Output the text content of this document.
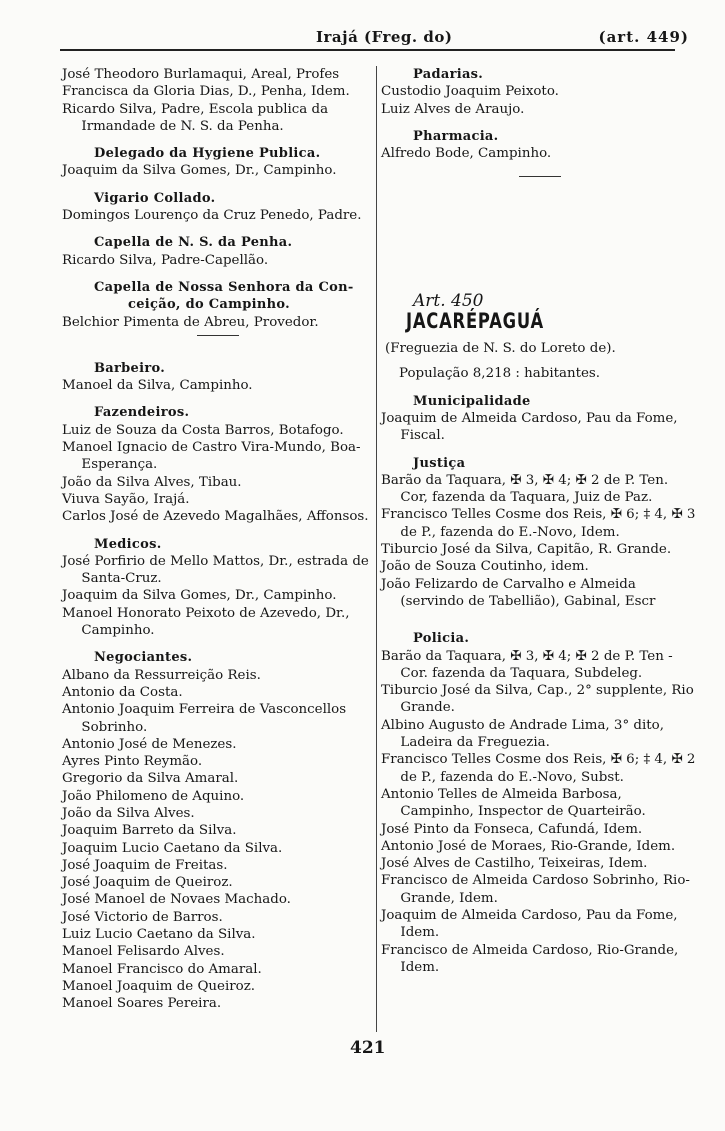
Irajá (Freg. do)	(art. 449)

José Theodoro Burlamaqui, Areal, Profes

Francisca da Gloria Dias, D., Penha, Idem.

Ricardo Silva, Padre, Escola publica da Irmandade de N. S. da Penha.

Delegado da Hygiene Publica.

Joaquim da Silva Gomes, Dr., Campinho.

Vigario Collado.

Domingos Lourenço da Cruz Penedo, Padre.

Capella de N. S. da Penha.

Ricardo Silva, Padre-Capellão.

Capella de Nossa Senhora da Con-
ceição, do Campinho.

Belchior Pimenta de Abreu, Provedor.

Barbeiro.

Manoel da Silva, Campinho.

Fazendeiros.

Luiz de Souza da Costa Barros, Botafogo.

Manoel Ignacio de Castro Vira-Mundo, Boa-Esperança.

João da Silva Alves, Tibau.

Viuva Sayão, Irajá.

Carlos José de Azevedo Magalhães, Affonsos.

Medicos.

José Porfirio de Mello Mattos, Dr., estrada de Santa-Cruz.

Joaquim da Silva Gomes, Dr., Campinho.

Manoel Honorato Peixoto de Azevedo, Dr., Campinho.

Negociantes.

Albano da Ressurreição Reis.

Antonio da Costa.

Antonio Joaquim Ferreira de Vasconcellos Sobrinho.

Antonio José de Menezes.

Ayres Pinto Reymão.

Gregorio da Silva Amaral.

João Philomeno de Aquino.

João da Silva Alves.

Joaquim Barreto da Silva.

Joaquim Lucio Caetano da Silva.

José Joaquim de Freitas.

José Joaquim de Queiroz.

José Manoel de Novaes Machado.

José Victorio de Barros.

Luiz Lucio Caetano da Silva.

Manoel Felisardo Alves.

Manoel Francisco do Amaral.

Manoel Joaquim de Queiroz.

Manoel Soares Pereira.

Padarias.

Custodio Joaquim Peixoto.

Luiz Alves de Araujo.

Pharmacia.

Alfredo Bode, Campinho.

Art. 450
JACARÉPAGUÁ
(Freguezia de N. S. do Loreto de).
População 8,218 : habitantes.
Municipalidade

Joaquim de Almeida Cardoso, Pau da Fome, Fiscal.

Justiça

Barão da Taquara, ✠ 3, ✠ 4; ✠ 2 de P. Ten. Cor, fazenda da Taquara, Juiz de Paz.

Francisco Telles Cosme dos Reis, ✠ 6; ‡ 4, ✠ 3 de P., fazenda do E.-Novo, Idem.

Tiburcio José da Silva, Capitão, R. Grande.

João de Souza Coutinho, idem.

João Felizardo de Carvalho e Almeida (servindo de Tabellião), Gabinal, Escr

Policia.

Barão da Taquara, ✠ 3, ✠ 4; ✠ 2 de P. Ten -Cor. fazenda da Taquara, Subdeleg.

Tiburcio José da Silva, Cap., 2° supplente, Rio Grande.

Albino Augusto de Andrade Lima, 3° dito, Ladeira da Freguezia.

Francisco Telles Cosme dos Reis, ✠ 6; ‡ 4, ✠ 2 de P., fazenda do E.-Novo, Subst.

Antonio Telles de Almeida Barbosa, Campinho, Inspector de Quarteirão.

José Pinto da Fonseca, Cafundá, Idem.

Antonio José de Moraes, Rio-Grande, Idem.

José Alves de Castilho, Teixeiras, Idem.

Francisco de Almeida Cardoso Sobrinho, Rio-Grande, Idem.

Joaquim de Almeida Cardoso, Pau da Fome, Idem.

Francisco de Almeida Cardoso, Rio-Grande, Idem.

421
